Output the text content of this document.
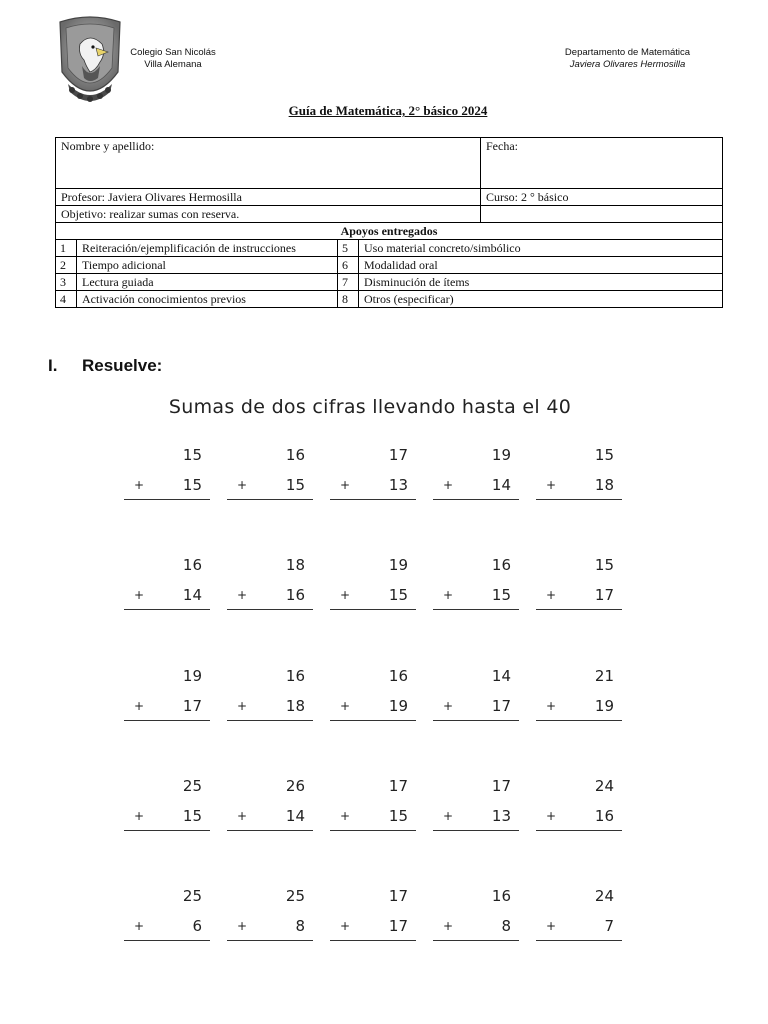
Colegio San Nicolás
Villa Alemana
Departamento de Matemática
Javiera Olivares Hermosilla
Guía de Matemática, 2° básico 2024
Nombre y apellido:				Fecha:
Profesor: Javiera Olivares Hermosilla				Curso: 2 ° básico
Objetivo: realizar sumas con reserva.				
Apoyos entregados				
1	Reiteración/ejemplificación de instrucciones	5	Uso material concreto/simbólico	
2	Tiempo adicional	6	Modalidad oral	
3	Lectura guiada	7	Disminución de ítems	
4	Activación conocimientos previos	8	Otros (especificar)	
I. Resuelve:
Sumas de dos cifras llevando hasta el 40
15
+	15
16
+	15
17
+	13
19
+	14
15
+	18
16
+	14
18
+	16
19
+	15
16
+	15
15
+	17
19
+	17
16
+	18
16
+	19
14
+	17
21
+	19
25
+	15
26
+	14
17
+	15
17
+	13
24
+	16
25
+	6
25
+	8
17
+	17
16
+	8
24
+	7
